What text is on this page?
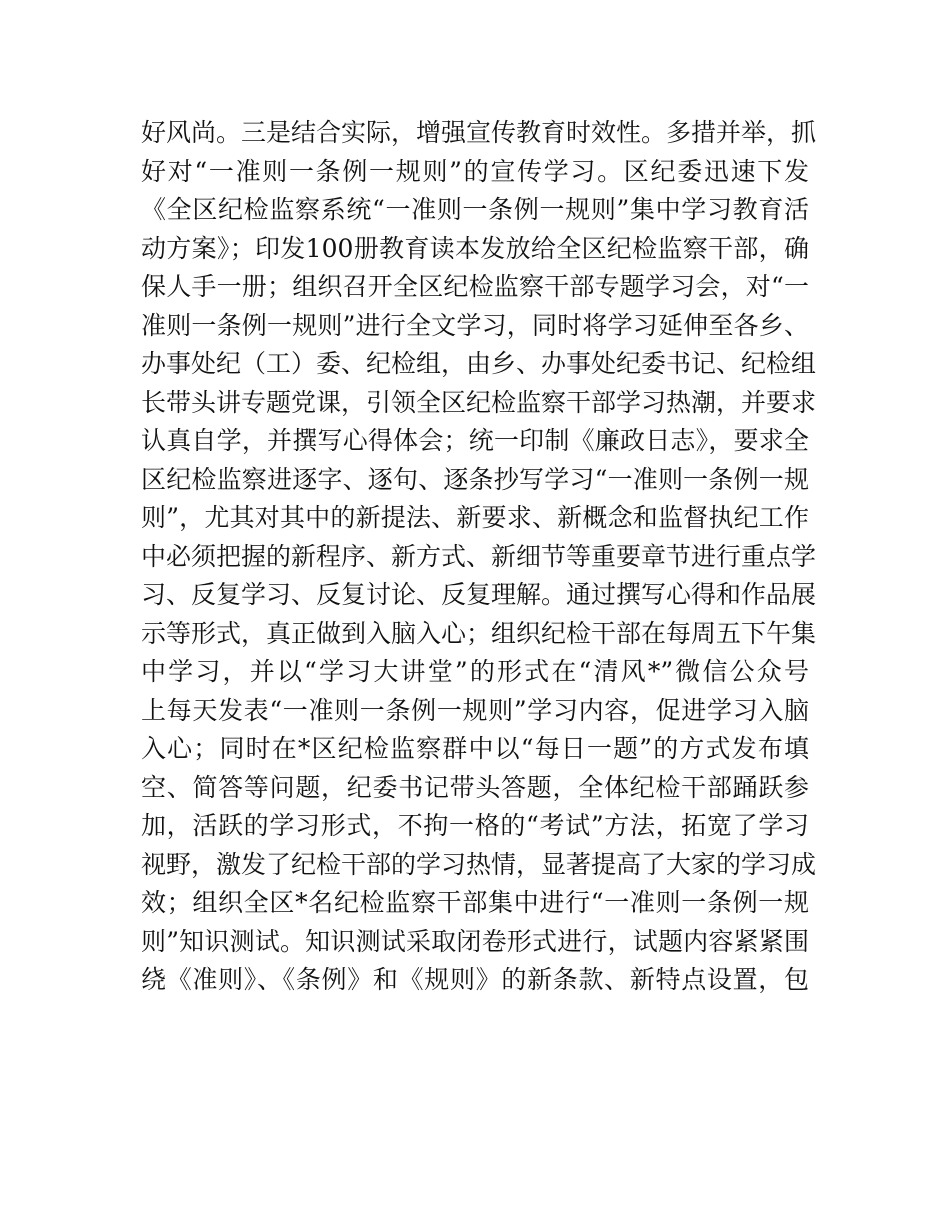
好风尚。三是结合实际，增强宣传教育时效性。多措并举，抓
好对“一准则一条例一规则”的宣传学习。区纪委迅速下发
《全区纪检监察系统“一准则一条例一规则”集中学习教育活
动方案》；印发100册教育读本发放给全区纪检监察干部，确
保人手一册；组织召开全区纪检监察干部专题学习会，对“一
准则一条例一规则”进行全文学习，同时将学习延伸至各乡、
办事处纪（工）委、纪检组，由乡、办事处纪委书记、纪检组
长带头讲专题党课，引领全区纪检监察干部学习热潮，并要求
认真自学，并撰写心得体会；统一印制《廉政日志》，要求全
区纪检监察进逐字、逐句、逐条抄写学习“一准则一条例一规
则”，尤其对其中的新提法、新要求、新概念和监督执纪工作
中必须把握的新程序、新方式、新细节等重要章节进行重点学
习、反复学习、反复讨论、反复理解。通过撰写心得和作品展
示等形式，真正做到入脑入心；组织纪检干部在每周五下午集
中学习，并以“学习大讲堂”的形式在“清风*”微信公众号
上每天发表“一准则一条例一规则”学习内容，促进学习入脑
入心；同时在*区纪检监察群中以“每日一题”的方式发布填
空、简答等问题，纪委书记带头答题，全体纪检干部踊跃参
加，活跃的学习形式，不拘一格的“考试”方法，拓宽了学习
视野，激发了纪检干部的学习热情，显著提高了大家的学习成
效；组织全区*名纪检监察干部集中进行“一准则一条例一规
则”知识测试。知识测试采取闭卷形式进行，试题内容紧紧围
绕《准则》、《条例》和《规则》的新条款、新特点设置，包
